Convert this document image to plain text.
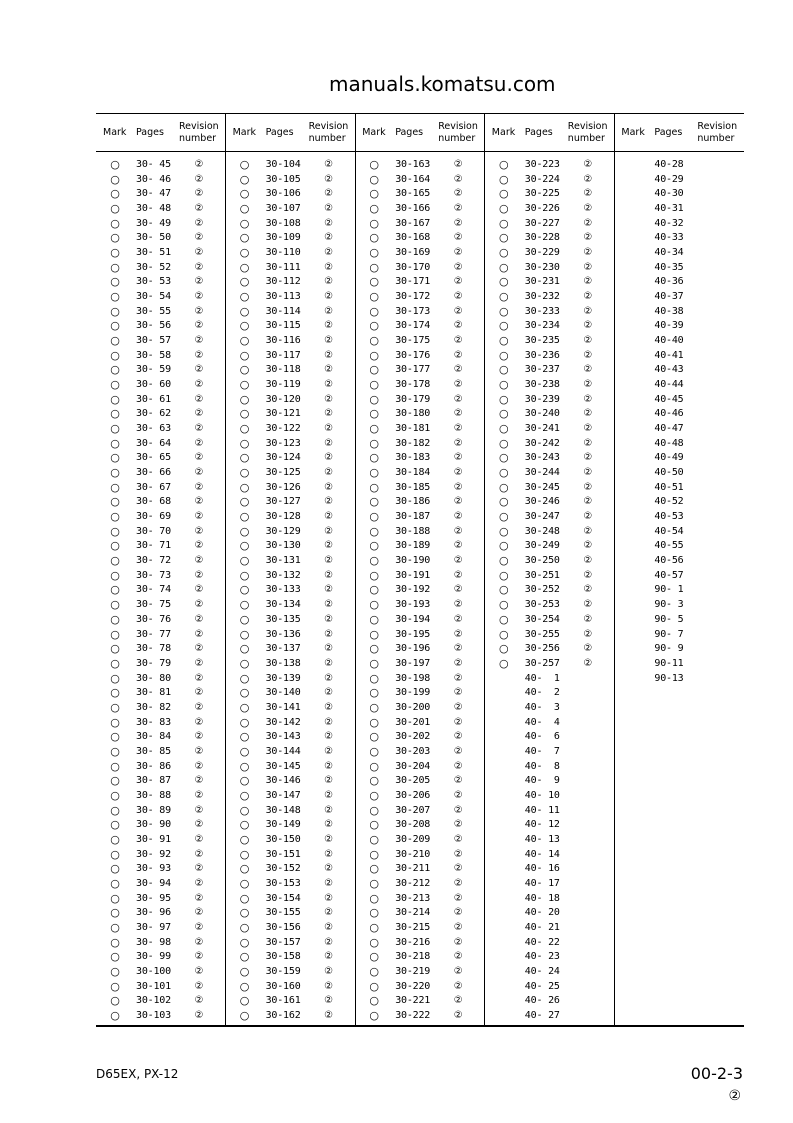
manuals.komatsu.com
Mark Pages
Revision
number
○ 30- 45 ②
○ 30- 46 ②
○ 30- 47 ②
○ 30- 48 ②
○ 30- 49 ②
○ 30- 50 ②
○ 30- 51 ②
○ 30- 52 ②
○ 30- 53 ②
○ 30- 54 ②
○ 30- 55 ②
○ 30- 56 ②
○ 30- 57 ②
○ 30- 58 ②
○ 30- 59 ②
○ 30- 60 ②
○ 30- 61 ②
○ 30- 62 ②
○ 30- 63 ②
○ 30- 64 ②
○ 30- 65 ②
○ 30- 66 ②
○ 30- 67 ②
○ 30- 68 ②
○ 30- 69 ②
○ 30- 70 ②
○ 30- 71 ②
○ 30- 72 ②
○ 30- 73 ②
○ 30- 74 ②
○ 30- 75 ②
○ 30- 76 ②
○ 30- 77 ②
○ 30- 78 ②
○ 30- 79 ②
○ 30- 80 ②
○ 30- 81 ②
○ 30- 82 ②
○ 30- 83 ②
○ 30- 84 ②
○ 30- 85 ②
○ 30- 86 ②
○ 30- 87 ②
○ 30- 88 ②
○ 30- 89 ②
○ 30- 90 ②
○ 30- 91 ②
○ 30- 92 ②
○ 30- 93 ②
○ 30- 94 ②
○ 30- 95 ②
○ 30- 96 ②
○ 30- 97 ②
○ 30- 98 ②
○ 30- 99 ②
○ 30-100 ②
○ 30-101 ②
○ 30-102 ②
○ 30-103 ②
Mark Pages
Revision
number
○ 30-104 ②
○ 30-105 ②
○ 30-106 ②
○ 30-107 ②
○ 30-108 ②
○ 30-109 ②
○ 30-110 ②
○ 30-111 ②
○ 30-112 ②
○ 30-113 ②
○ 30-114 ②
○ 30-115 ②
○ 30-116 ②
○ 30-117 ②
○ 30-118 ②
○ 30-119 ②
○ 30-120 ②
○ 30-121 ②
○ 30-122 ②
○ 30-123 ②
○ 30-124 ②
○ 30-125 ②
○ 30-126 ②
○ 30-127 ②
○ 30-128 ②
○ 30-129 ②
○ 30-130 ②
○ 30-131 ②
○ 30-132 ②
○ 30-133 ②
○ 30-134 ②
○ 30-135 ②
○ 30-136 ②
○ 30-137 ②
○ 30-138 ②
○ 30-139 ②
○ 30-140 ②
○ 30-141 ②
○ 30-142 ②
○ 30-143 ②
○ 30-144 ②
○ 30-145 ②
○ 30-146 ②
○ 30-147 ②
○ 30-148 ②
○ 30-149 ②
○ 30-150 ②
○ 30-151 ②
○ 30-152 ②
○ 30-153 ②
○ 30-154 ②
○ 30-155 ②
○ 30-156 ②
○ 30-157 ②
○ 30-158 ②
○ 30-159 ②
○ 30-160 ②
○ 30-161 ②
○ 30-162 ②
Mark Pages
Revision
number
○ 30-163 ②
○ 30-164 ②
○ 30-165 ②
○ 30-166 ②
○ 30-167 ②
○ 30-168 ②
○ 30-169 ②
○ 30-170 ②
○ 30-171 ②
○ 30-172 ②
○ 30-173 ②
○ 30-174 ②
○ 30-175 ②
○ 30-176 ②
○ 30-177 ②
○ 30-178 ②
○ 30-179 ②
○ 30-180 ②
○ 30-181 ②
○ 30-182 ②
○ 30-183 ②
○ 30-184 ②
○ 30-185 ②
○ 30-186 ②
○ 30-187 ②
○ 30-188 ②
○ 30-189 ②
○ 30-190 ②
○ 30-191 ②
○ 30-192 ②
○ 30-193 ②
○ 30-194 ②
○ 30-195 ②
○ 30-196 ②
○ 30-197 ②
○ 30-198 ②
○ 30-199 ②
○ 30-200 ②
○ 30-201 ②
○ 30-202 ②
○ 30-203 ②
○ 30-204 ②
○ 30-205 ②
○ 30-206 ②
○ 30-207 ②
○ 30-208 ②
○ 30-209 ②
○ 30-210 ②
○ 30-211 ②
○ 30-212 ②
○ 30-213 ②
○ 30-214 ②
○ 30-215 ②
○ 30-216 ②
○ 30-218 ②
○ 30-219 ②
○ 30-220 ②
○ 30-221 ②
○ 30-222 ②
Mark Pages
Revision
number
○ 30-223 ②
○ 30-224 ②
○ 30-225 ②
○ 30-226 ②
○ 30-227 ②
○ 30-228 ②
○ 30-229 ②
○ 30-230 ②
○ 30-231 ②
○ 30-232 ②
○ 30-233 ②
○ 30-234 ②
○ 30-235 ②
○ 30-236 ②
○ 30-237 ②
○ 30-238 ②
○ 30-239 ②
○ 30-240 ②
○ 30-241 ②
○ 30-242 ②
○ 30-243 ②
○ 30-244 ②
○ 30-245 ②
○ 30-246 ②
○ 30-247 ②
○ 30-248 ②
○ 30-249 ②
○ 30-250 ②
○ 30-251 ②
○ 30-252 ②
○ 30-253 ②
○ 30-254 ②
○ 30-255 ②
○ 30-256 ②
○ 30-257 ②
40-  1
40-  2
40-  3
40-  4
40-  6
40-  7
40-  8
40-  9
40- 10
40- 11
40- 12
40- 13
40- 14
40- 16
40- 17
40- 18
40- 20
40- 21
40- 22
40- 23
40- 24
40- 25
40- 26
40- 27
Mark Pages
Revision
number
40-28
40-29
40-30
40-31
40-32
40-33
40-34
40-35
40-36
40-37
40-38
40-39
40-40
40-41
40-43
40-44
40-45
40-46
40-47
40-48
40-49
40-50
40-51
40-52
40-53
40-54
40-55
40-56
40-57
90- 1
90- 3
90- 5
90- 7
90- 9
90-11
90-13
D65EX, PX-12	00-2-3
②
